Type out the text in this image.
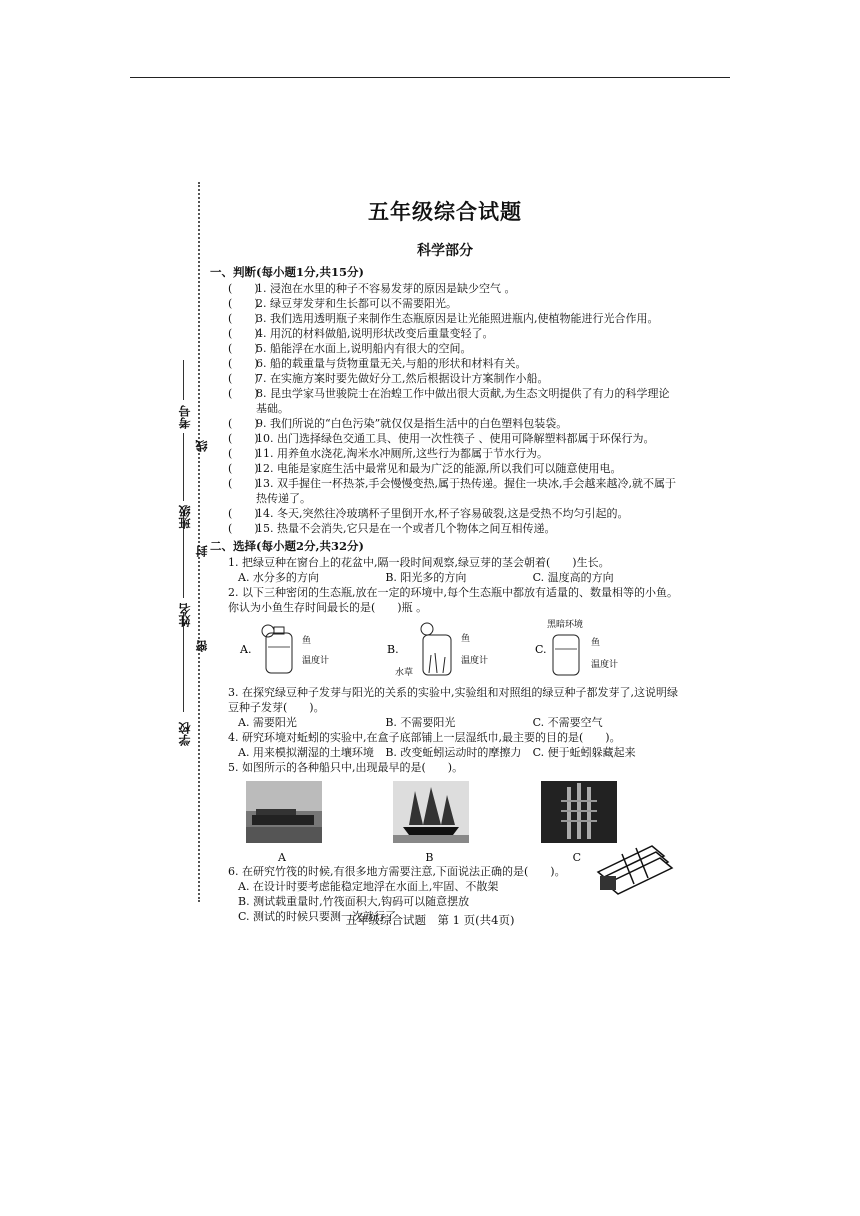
学校
姓名
班级
考号
密
封
线
五年级综合试题
科学部分
一、判断(每小题1分,共15分)
(　　)
1. 浸泡在水里的种子不容易发芽的原因是缺少空气 。
(　　)
2. 绿豆芽发芽和生长都可以不需要阳光。
(　　)
3. 我们选用透明瓶子来制作生态瓶原因是让光能照进瓶内,使植物能进行光合作用。
(　　)
4. 用沉的材料做船,说明形状改变后重量变轻了。
(　　)
5. 船能浮在水面上,说明船内有很大的空间。
(　　)
6. 船的载重量与货物重量无关,与船的形状和材料有关。
(　　)
7. 在实施方案时要先做好分工,然后根据设计方案制作小船。
(　　)
8. 昆虫学家马世骏院士在治蝗工作中做出很大贡献,为生态文明提供了有力的科学理论基础。
(　　)
9. 我们所说的“白色污染”就仅仅是指生活中的白色塑料包装袋。
(　　)
10. 出门选择绿色交通工具、使用一次性筷子 、使用可降解塑料都属于环保行为。
(　　)
11. 用养鱼水浇花,淘米水冲厕所,这些行为都属于节水行为。
(　　)
12. 电能是家庭生活中最常见和最为广泛的能源,所以我们可以随意使用电。
(　　)
13. 双手握住一杯热茶,手会慢慢变热,属于热传递。握住一块冰,手会越来越冷,就不属于热传递了。
(　　)
14. 冬天,突然往冷玻璃杯子里倒开水,杯子容易破裂,这是受热不均匀引起的。
(　　)
15. 热量不会消失,它只是在一个或者几个物体之间互相传递。
二、选择(每小题2分,共32分)
1. 把绿豆种在窗台上的花盆中,隔一段时间观察,绿豆芽的茎会朝着(　　)生长。
A. 水分多的方向	B. 阳光多的方向	C. 温度高的方向
2. 以下三种密闭的生态瓶,放在一定的环境中,每个生态瓶中都放有适量的、数量相等的小鱼。你认为小鱼生存时间最长的是(　　)瓶 。
A.
鱼
温度计
B.
鱼
水草
温度计
C.
黑暗环境
鱼
温度计
3. 在探究绿豆种子发芽与阳光的关系的实验中,实验组和对照组的绿豆种子都发芽了,这说明绿豆种子发芽(　　)。
A. 需要阳光	B. 不需要阳光	C. 不需要空气
4. 研究环境对蚯蚓的实验中,在盒子底部铺上一层湿纸巾,最主要的目的是(　　)。
A. 用来模拟潮湿的土壤环境	B. 改变蚯蚓运动时的摩擦力	C. 便于蚯蚓躲藏起来
5. 如图所示的各种船只中,出现最早的是(　　)。
A	B	C
6. 在研究竹筏的时候,有很多地方需要注意,下面说法正确的是(　　)。
A. 在设计时要考虑能稳定地浮在水面上,牢固、不散架
B. 测试载重量时,竹筏面积大,钩码可以随意摆放
C. 测试的时候只要测一次就行了
五年级综合试题　第 1 页(共4页)
